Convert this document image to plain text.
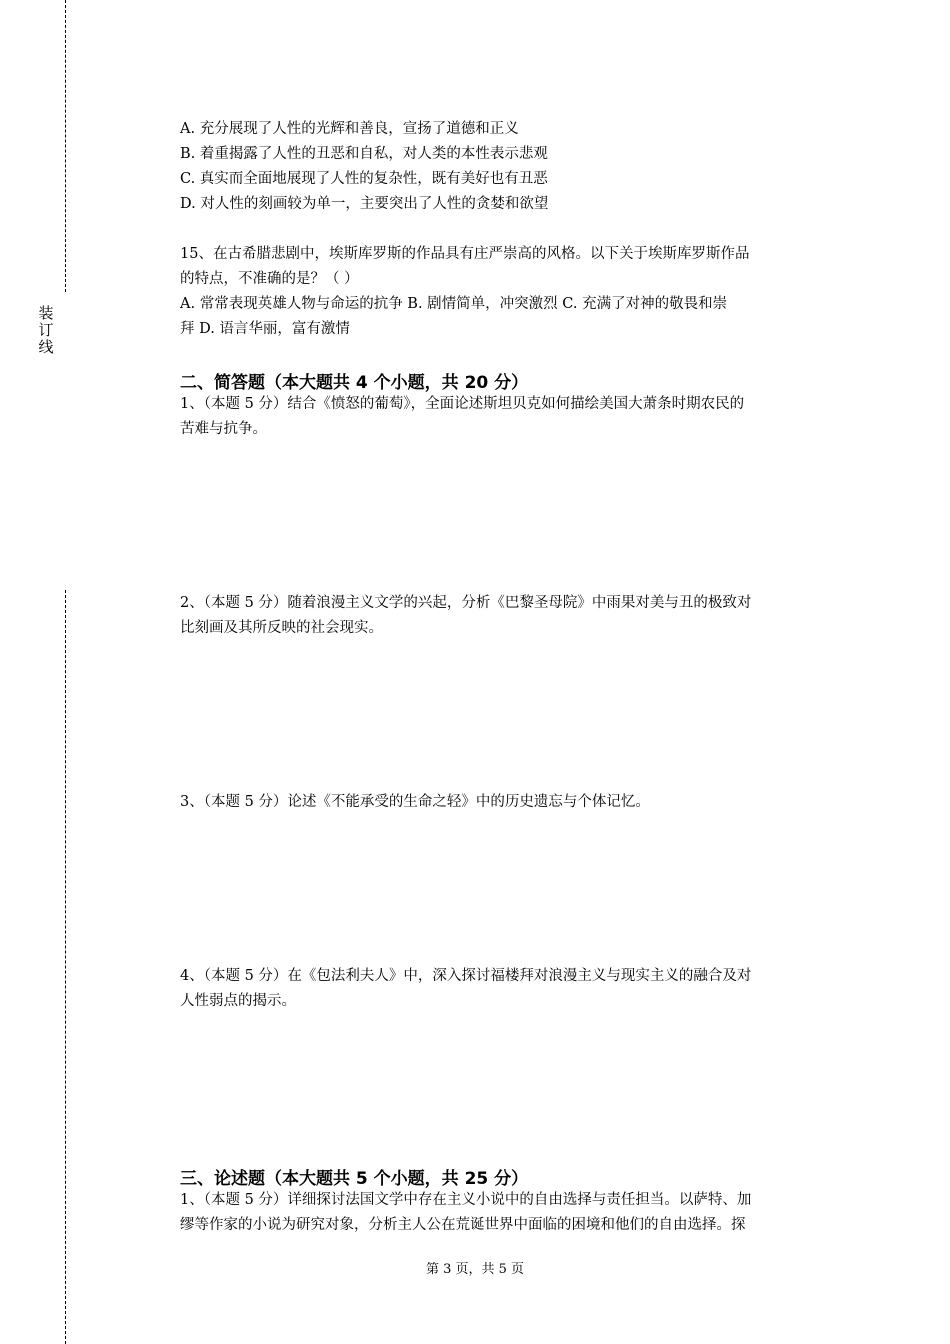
装
订
线
A. 充分展现了人性的光辉和善良，宣扬了道德和正义
B. 着重揭露了人性的丑恶和自私，对人类的本性表示悲观
C. 真实而全面地展现了人性的复杂性，既有美好也有丑恶
D. 对人性的刻画较为单一，主要突出了人性的贪婪和欲望
15、在古希腊悲剧中，埃斯库罗斯的作品具有庄严崇高的风格。以下关于埃斯库罗斯作品
的特点，不准确的是？（ ）
A. 常常表现英雄人物与命运的抗争 B. 剧情简单，冲突激烈 C. 充满了对神的敬畏和崇
拜 D. 语言华丽，富有激情
二、简答题（本大题共 4 个小题，共 20 分）
1、（本题 5 分）结合《愤怒的葡萄》，全面论述斯坦贝克如何描绘美国大萧条时期农民的
苦难与抗争。
2、（本题 5 分）随着浪漫主义文学的兴起，分析《巴黎圣母院》中雨果对美与丑的极致对
比刻画及其所反映的社会现实。
3、（本题 5 分）论述《不能承受的生命之轻》中的历史遗忘与个体记忆。
4、（本题 5 分）在《包法利夫人》中，深入探讨福楼拜对浪漫主义与现实主义的融合及对
人性弱点的揭示。
三、论述题（本大题共 5 个小题，共 25 分）
1、（本题 5 分）详细探讨法国文学中存在主义小说中的自由选择与责任担当。以萨特、加
缪等作家的小说为研究对象，分析主人公在荒诞世界中面临的困境和他们的自由选择。探
第 3 页，共 5 页
